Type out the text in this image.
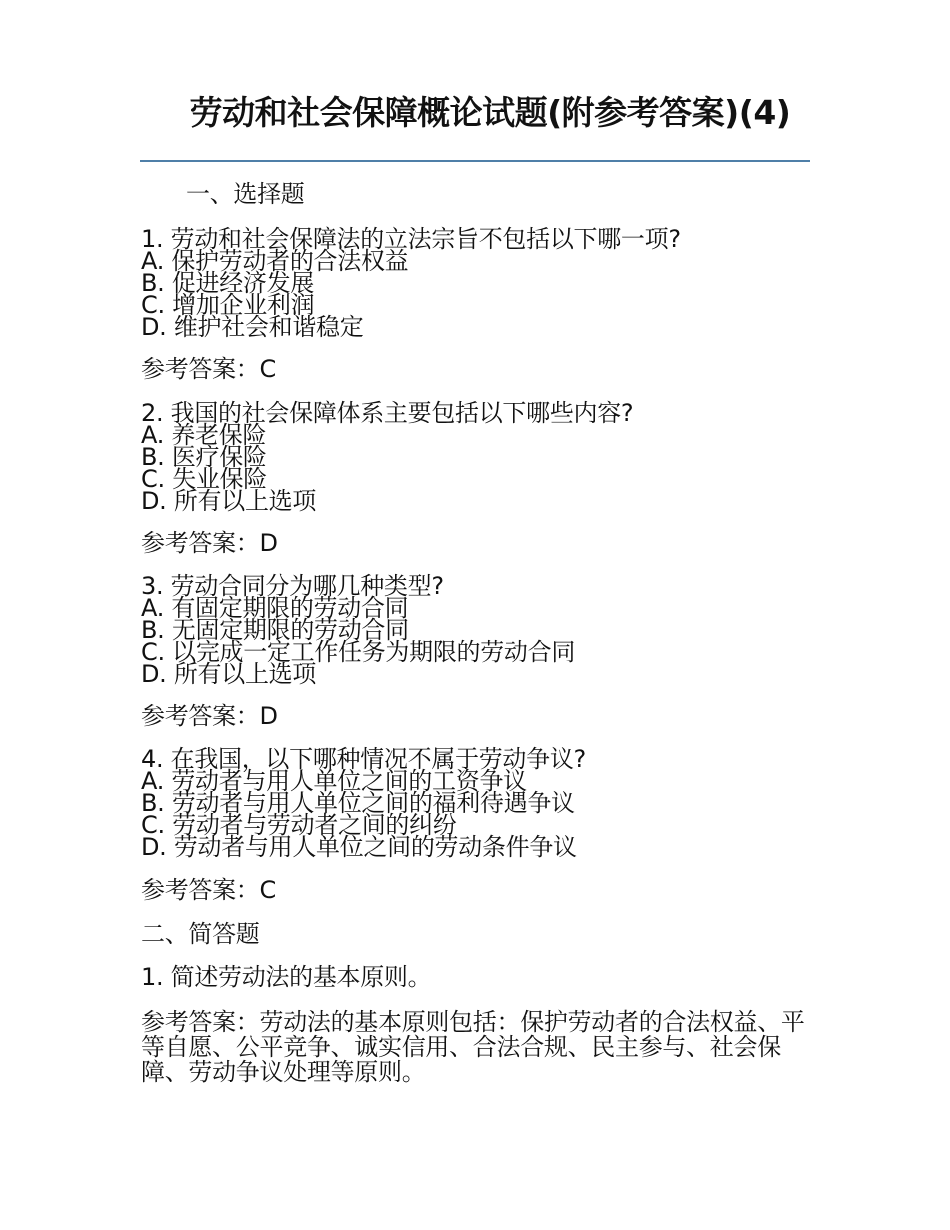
劳动和社会保障概论试题(附参考答案)(4)
一、选择题
1. 劳动和社会保障法的立法宗旨不包括以下哪一项?
A. 保护劳动者的合法权益
B. 促进经济发展
C. 增加企业利润
D. 维护社会和谐稳定
参考答案：C
2. 我国的社会保障体系主要包括以下哪些内容?
A. 养老保险
B. 医疗保险
C. 失业保险
D. 所有以上选项
参考答案：D
3. 劳动合同分为哪几种类型?
A. 有固定期限的劳动合同
B. 无固定期限的劳动合同
C. 以完成一定工作任务为期限的劳动合同
D. 所有以上选项
参考答案：D
4. 在我国，以下哪种情况不属于劳动争议?
A. 劳动者与用人单位之间的工资争议
B. 劳动者与用人单位之间的福利待遇争议
C. 劳动者与劳动者之间的纠纷
D. 劳动者与用人单位之间的劳动条件争议
参考答案：C
二、简答题
1. 简述劳动法的基本原则。
参考答案：劳动法的基本原则包括：保护劳动者的合法权益、平等自愿、公平竞争、诚实信用、合法合规、民主参与、社会保障、劳动争议处理等原则。
